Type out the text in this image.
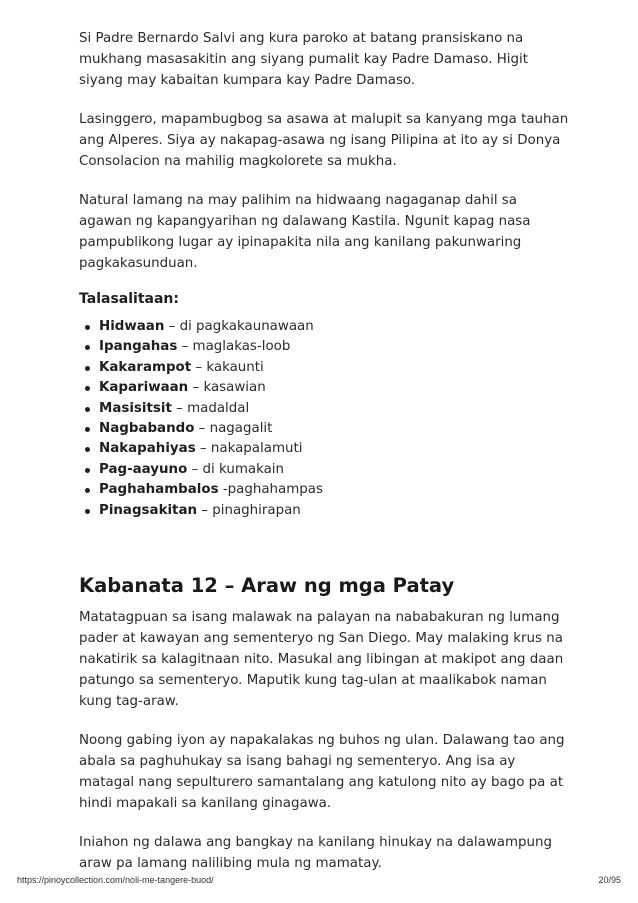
Si Padre Bernardo Salvi ang kura paroko at batang pransiskano na mukhang masasakitin ang siyang pumalit kay Padre Damaso. Higit siyang may kabaitan kumpara kay Padre Damaso.

Lasinggero, mapambugbog sa asawa at malupit sa kanyang mga tauhan ang Alperes. Siya ay nakapag-asawa ng isang Pilipina at ito ay si Donya Consolacion na mahilig magkolorete sa mukha.

Natural lamang na may palihim na hidwaang nagaganap dahil sa agawan ng kapangyarihan ng dalawang Kastila. Ngunit kapag nasa pampublikong lugar ay ipinapakita nila ang kanilang pakunwaring pagkakasunduan.

Talasalitaan:
Hidwaan – di pagkakaunawaan
Ipangahas – maglakas-loob
Kakarampot – kakaunti
Kapariwaan – kasawian
Masisitsit – madaldal
Nagbabando – nagagalit
Nakapahiyas – nakapalamuti
Pag-aayuno – di kumakain
Paghahambalos -paghahampas
Pinagsakitan – pinaghirapan
Kabanata 12 – Araw ng mga Patay

Matatagpuan sa isang malawak na palayan na nababakuran ng lumang pader at kawayan ang sementeryo ng San Diego. May malaking krus na nakatirik sa kalagitnaan nito. Masukal ang libingan at makipot ang daan patungo sa sementeryo. Maputik kung tag-ulan at maalikabok naman kung tag-araw.

Noong gabing iyon ay napakalakas ng buhos ng ulan. Dalawang tao ang abala sa paghuhukay sa isang bahagi ng sementeryo. Ang isa ay matagal nang sepulturero samantalang ang katulong nito ay bago pa at hindi mapakali sa kanilang ginagawa.

Iniahon ng dalawa ang bangkay na kanilang hinukay na dalawampung araw pa lamang nalilibing mula ng mamatay.

https://pinoycollection.com/noli-me-tangere-buod/	20/95
